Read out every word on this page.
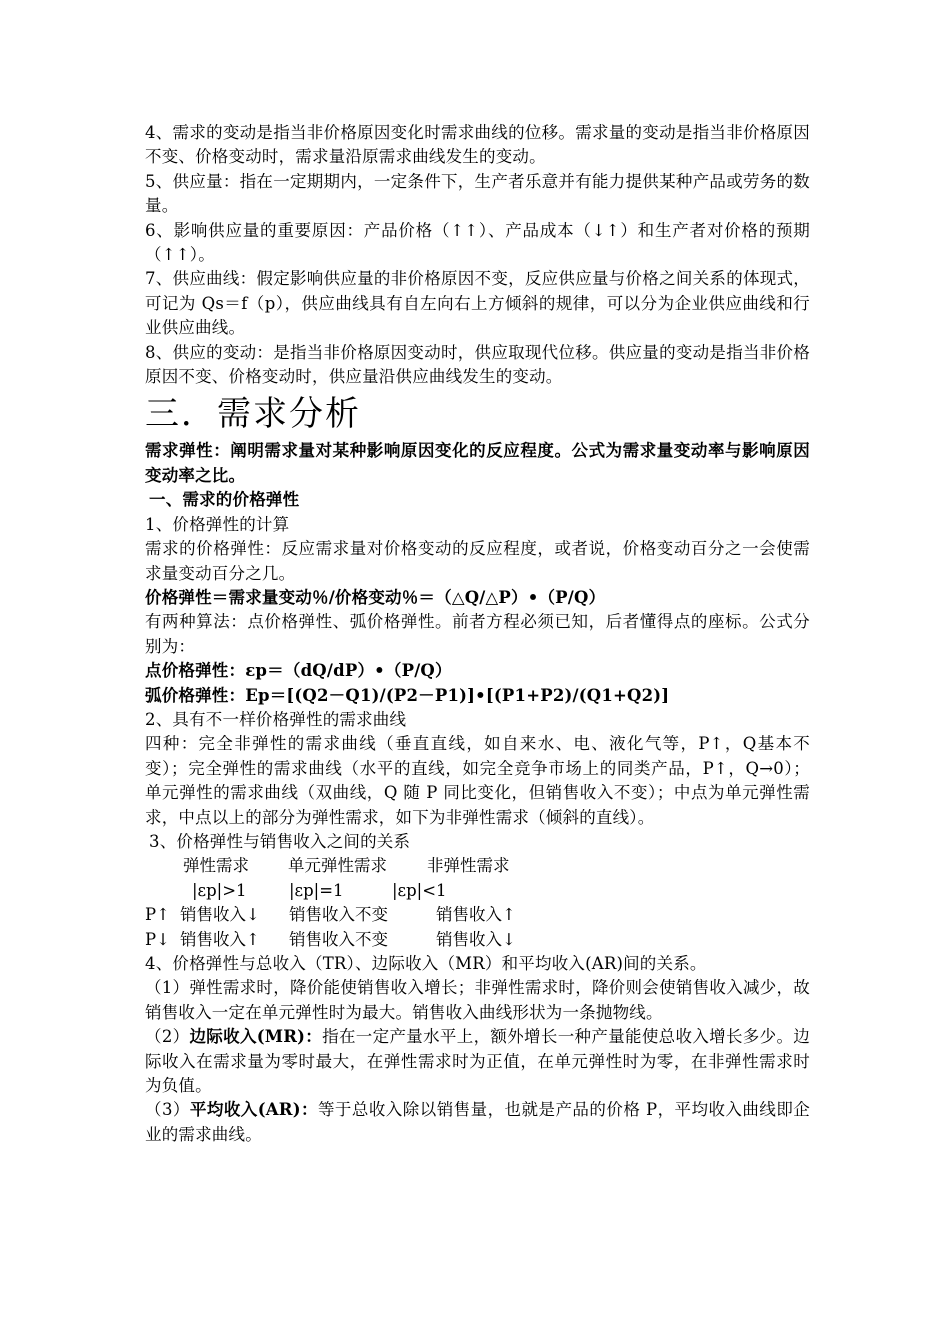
4、需求的变动是指当非价格原因变化时需求曲线的位移。需求量的变动是指当非价格原因不变、价格变动时，需求量沿原需求曲线发生的变动。

5、供应量：指在一定期期内，一定条件下，生产者乐意并有能力提供某种产品或劳务的数量。

6、影响供应量的重要原因：产品价格（↑↑）、产品成本（↓↑）和生产者对价格的预期（↑↑）。

7、供应曲线：假定影响供应量的非价格原因不变，反应供应量与价格之间关系的体现式，可记为 Qs＝f（p），供应曲线具有自左向右上方倾斜的规律，可以分为企业供应曲线和行业供应曲线。

8、供应的变动：是指当非价格原因变动时，供应取现代位移。供应量的变动是指当非价格原因不变、价格变动时，供应量沿供应曲线发生的变动。

三．需求分析

需求弹性：阐明需求量对某种影响原因变化的反应程度。公式为需求量变动率与影响原因变动率之比。

一、需求的价格弹性

1、价格弹性的计算

需求的价格弹性：反应需求量对价格变动的反应程度，或者说，价格变动百分之一会使需求量变动百分之几。

价格弹性＝需求量变动％/价格变动％＝（△Q/△P）•（P/Q）

有两种算法：点价格弹性、弧价格弹性。前者方程必须已知，后者懂得点的座标。公式分别为：

点价格弹性：εp＝（dQ/dP）•（P/Q）

弧价格弹性：Ep＝[(Q2－Q1)/(P2－P1)]•[(P1+P2)/(Q1+Q2)]

2、具有不一样价格弹性的需求曲线

四种：完全非弹性的需求曲线（垂直直线，如自来水、电、液化气等，P↑，Q基本不变）；完全弹性的需求曲线（水平的直线，如完全竞争市场上的同类产品，P↑，Q→0）；单元弹性的需求曲线（双曲线，Q 随 P 同比变化，但销售收入不变）；中点为单元弹性需求，中点以上的部分为弹性需求，如下为非弹性需求（倾斜的直线）。

3、价格弹性与销售收入之间的关系

弹性需求	单元弹性需求	非弹性需求
|εp|>1	|εp|=1	|εp|<1
P↑ 销售收入↓	销售收入不变	销售收入↑
P↓ 销售收入↑	销售收入不变	销售收入↓

4、价格弹性与总收入（TR）、边际收入（MR）和平均收入(AR)间的关系。

（1）弹性需求时，降价能使销售收入增长；非弹性需求时，降价则会使销售收入减少，故销售收入一定在单元弹性时为最大。销售收入曲线形状为一条抛物线。

（2）边际收入(MR)：指在一定产量水平上，额外增长一种产量能使总收入增长多少。边际收入在需求量为零时最大，在弹性需求时为正值，在单元弹性时为零，在非弹性需求时为负值。

（3）平均收入(AR)：等于总收入除以销售量，也就是产品的价格 P，平均收入曲线即企业的需求曲线。
